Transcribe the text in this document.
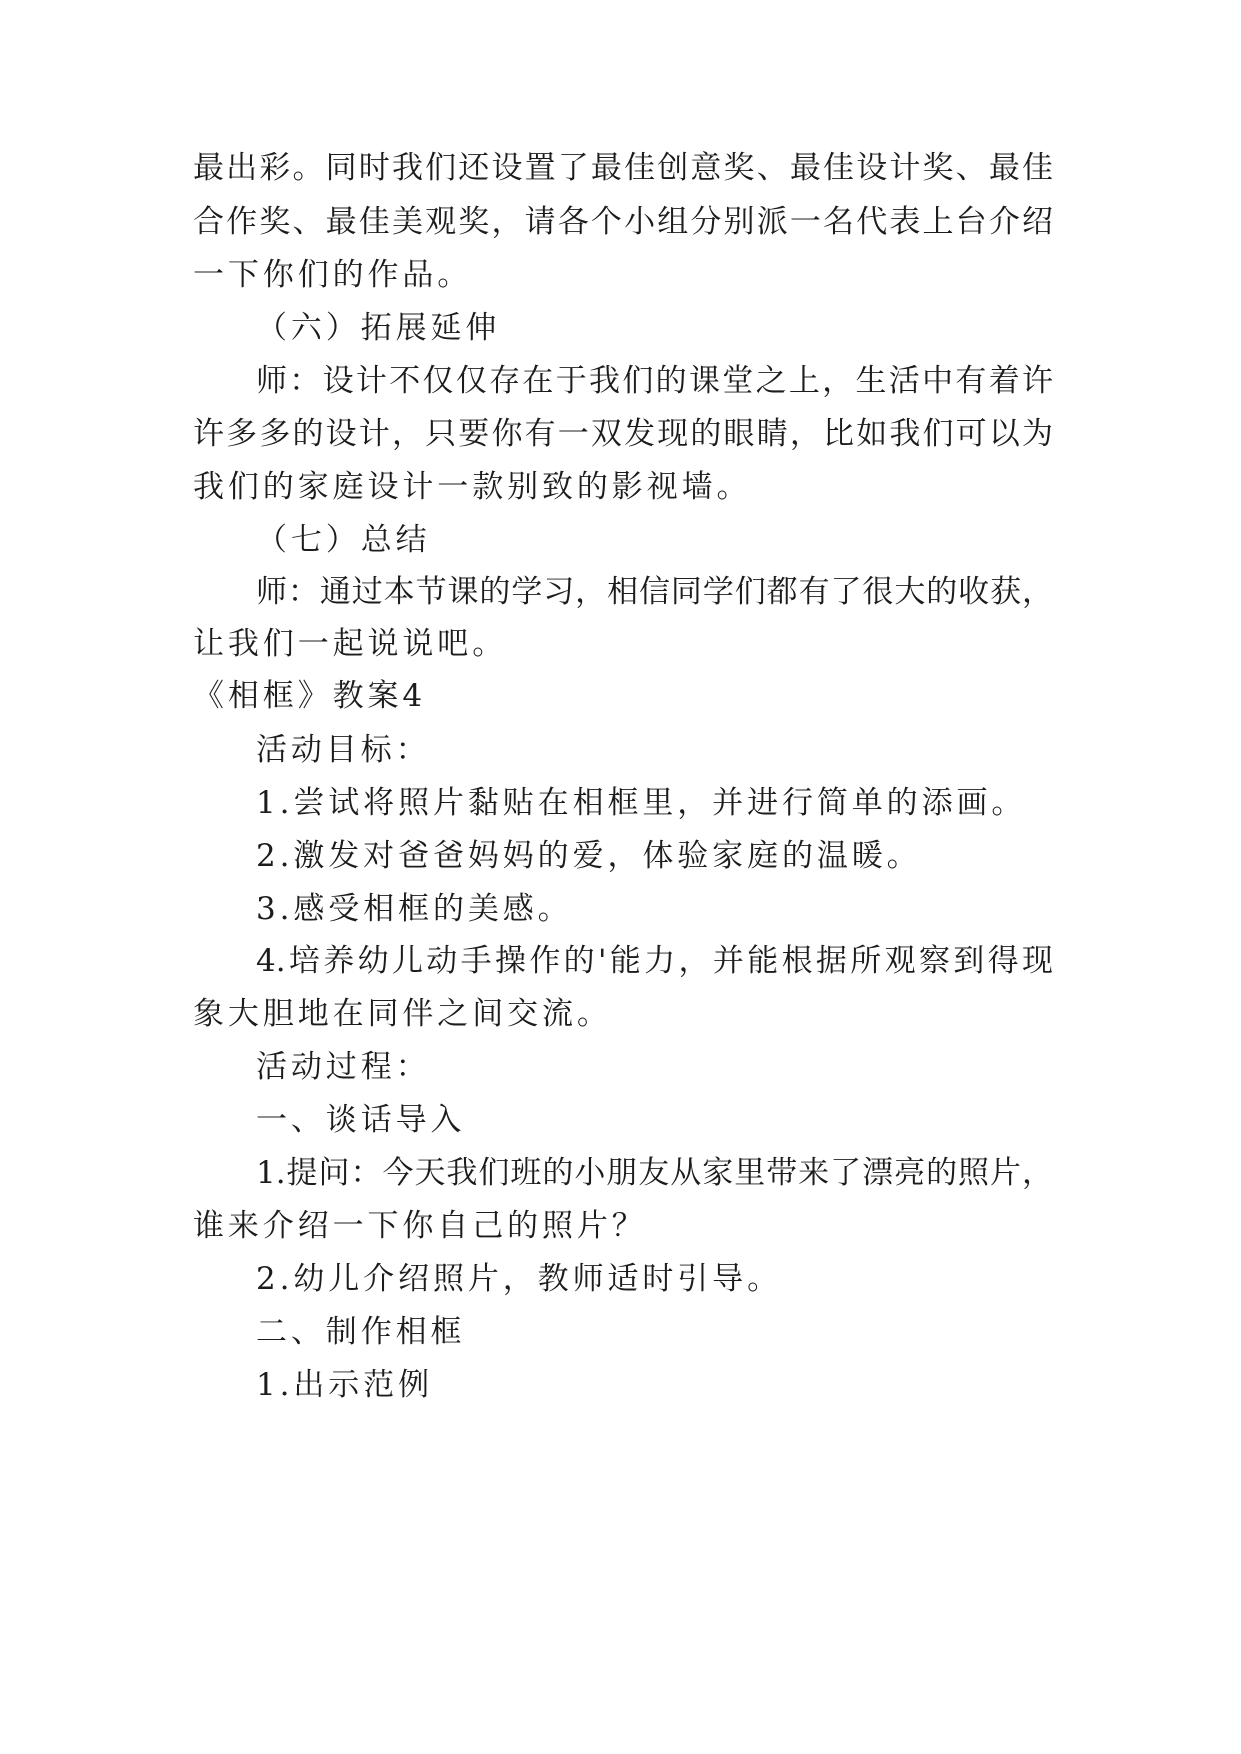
最出彩。同时我们还设置了最佳创意奖、最佳设计奖、最佳
合作奖、最佳美观奖，请各个小组分别派一名代表上台介绍
一下你们的作品。
（六）拓展延伸
师：设计不仅仅存在于我们的课堂之上，生活中有着许
许多多的设计，只要你有一双发现的眼睛，比如我们可以为
我们的家庭设计一款别致的影视墙。
（七）总结
师：通过本节课的学习，相信同学们都有了很大的收获，
让我们一起说说吧。
《相框》教案4
活动目标：
1.尝试将照片黏贴在相框里，并进行简单的添画。
2.激发对爸爸妈妈的爱，体验家庭的温暖。
3.感受相框的美感。
4.培养幼儿动手操作的'能力，并能根据所观察到得现
象大胆地在同伴之间交流。
活动过程：
一、谈话导入
1.提问：今天我们班的小朋友从家里带来了漂亮的照片，
谁来介绍一下你自己的照片？
2.幼儿介绍照片，教师适时引导。
二、制作相框
1.出示范例
